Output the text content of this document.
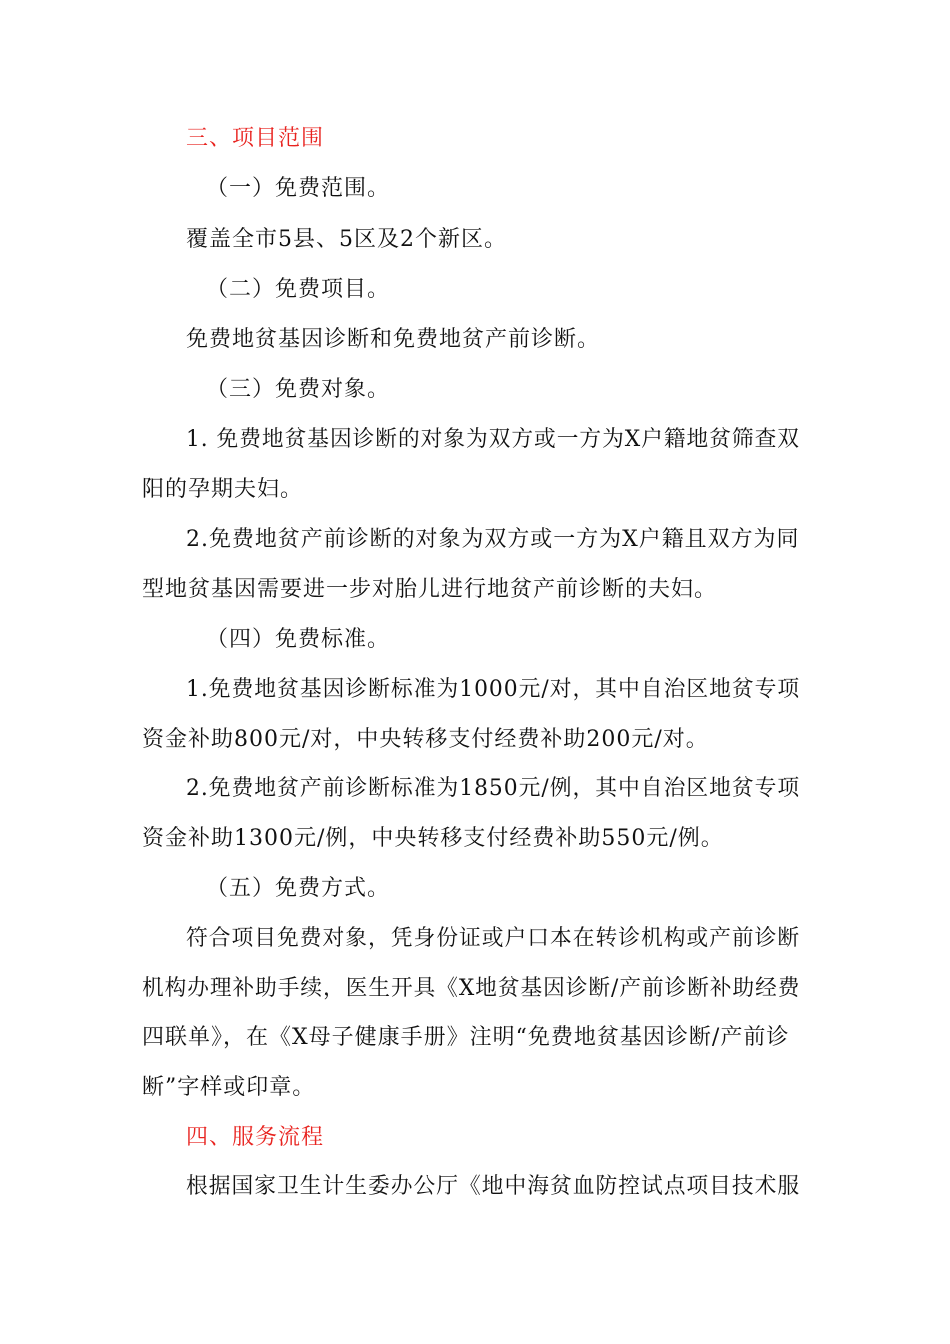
三、项目范围
（一）免费范围。
覆盖全市5县、5区及2个新区。
（二）免费项目。
免费地贫基因诊断和免费地贫产前诊断。
（三）免费对象。
1. 免费地贫基因诊断的对象为双方或一方为X户籍地贫筛查双
阳的孕期夫妇。
2.免费地贫产前诊断的对象为双方或一方为X户籍且双方为同
型地贫基因需要进一步对胎儿进行地贫产前诊断的夫妇。
（四）免费标准。
1.免费地贫基因诊断标准为1000元/对，其中自治区地贫专项
资金补助800元/对，中央转移支付经费补助200元/对。
2.免费地贫产前诊断标准为1850元/例，其中自治区地贫专项
资金补助1300元/例，中央转移支付经费补助550元/例。
（五）免费方式。
符合项目免费对象，凭身份证或户口本在转诊机构或产前诊断
机构办理补助手续，医生开具《X地贫基因诊断/产前诊断补助经费
四联单》，在《X母子健康手册》注明“免费地贫基因诊断/产前诊
断”字样或印章。
四、服务流程
根据国家卫生计生委办公厅《地中海贫血防控试点项目技术服
